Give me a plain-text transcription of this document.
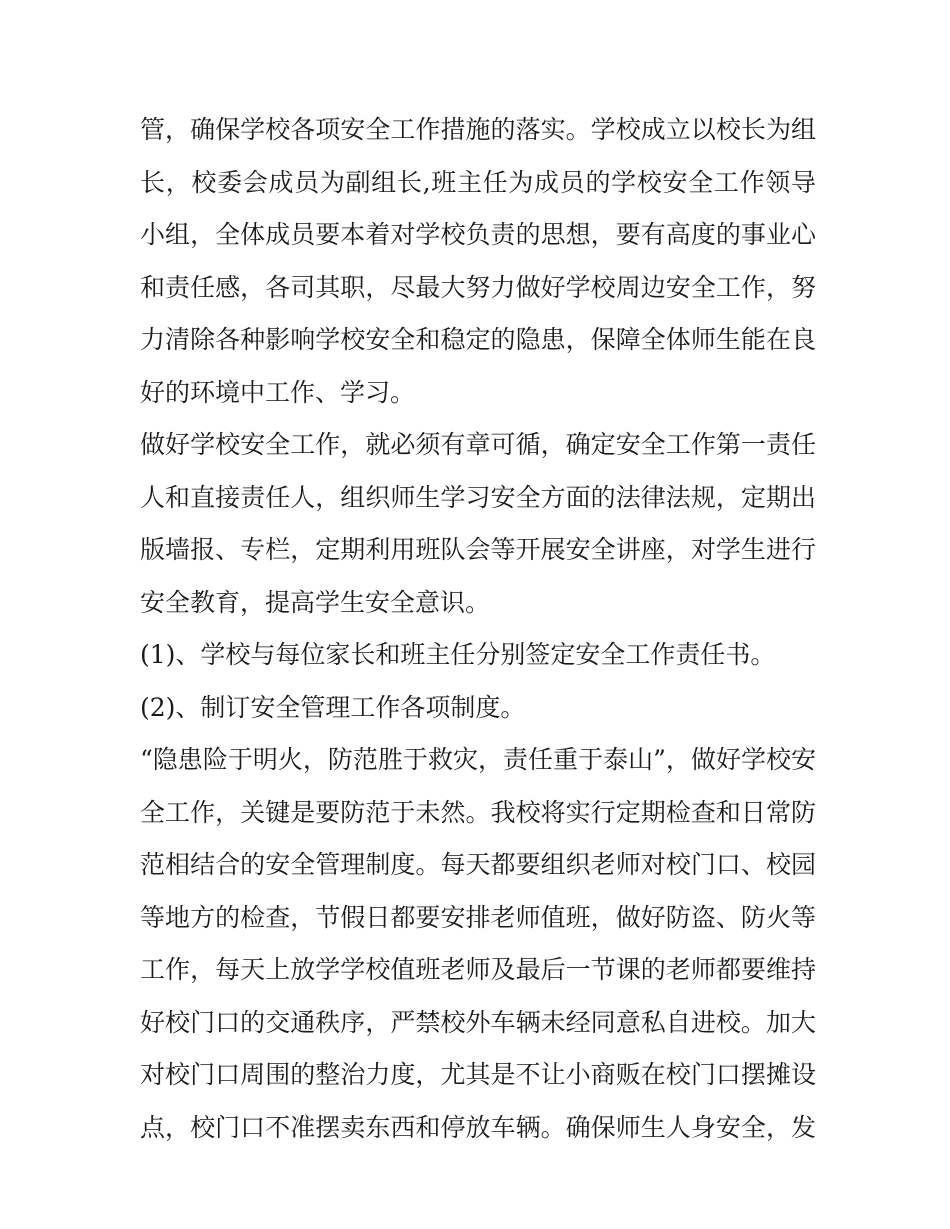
管，确保学校各项安全工作措施的落实。学校成立以校长为组
长，校委会成员为副组长,班主任为成员的学校安全工作领导
小组，全体成员要本着对学校负责的思想，要有高度的事业心
和责任感，各司其职，尽最大努力做好学校周边安全工作，努
力清除各种影响学校安全和稳定的隐患，保障全体师生能在良
好的环境中工作、学习。
做好学校安全工作，就必须有章可循，确定安全工作第一责任
人和直接责任人，组织师生学习安全方面的法律法规，定期出
版墙报、专栏，定期利用班队会等开展安全讲座，对学生进行
安全教育，提高学生安全意识。
(1)、学校与每位家长和班主任分别签定安全工作责任书。
(2)、制订安全管理工作各项制度。
“隐患险于明火，防范胜于救灾，责任重于泰山”，做好学校安
全工作，关键是要防范于未然。我校将实行定期检查和日常防
范相结合的安全管理制度。每天都要组织老师对校门口、校园
等地方的检查，节假日都要安排老师值班，做好防盗、防火等
工作，每天上放学学校值班老师及最后一节课的老师都要维持
好校门口的交通秩序，严禁校外车辆未经同意私自进校。加大
对校门口周围的整治力度，尤其是不让小商贩在校门口摆摊设
点，校门口不准摆卖东西和停放车辆。确保师生人身安全，发
